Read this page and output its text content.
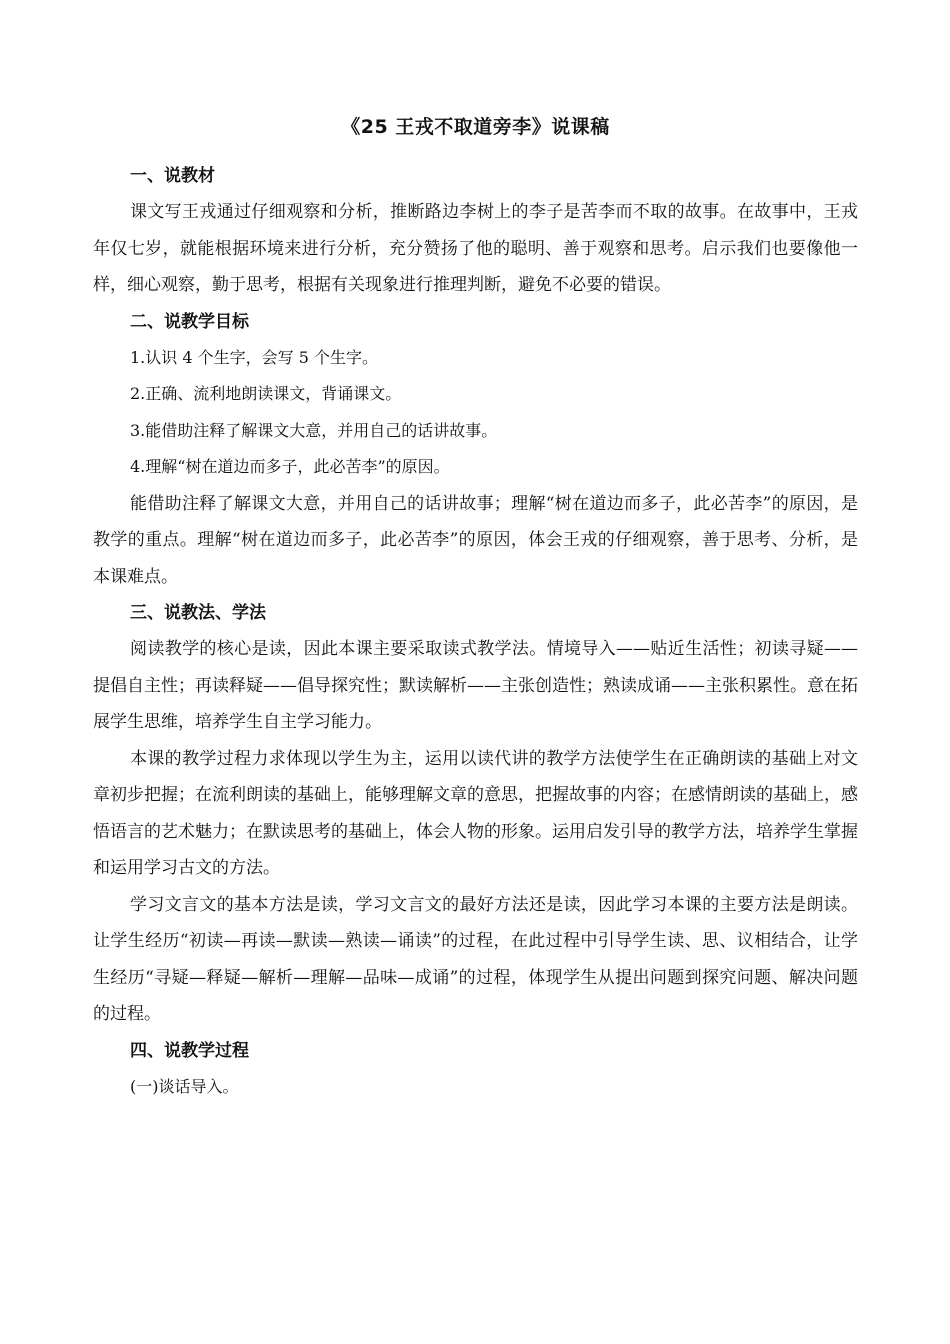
《25 王戎不取道旁李》说课稿

一、说教材

课文写王戎通过仔细观察和分析，推断路边李树上的李子是苦李而不取的故事。在故事中，王戎年仅七岁，就能根据环境来进行分析，充分赞扬了他的聪明、善于观察和思考。启示我们也要像他一样，细心观察，勤于思考，根据有关现象进行推理判断，避免不必要的错误。

二、说教学目标

1.认识 4 个生字，会写 5 个生字。

2.正确、流利地朗读课文，背诵课文。

3.能借助注释了解课文大意，并用自己的话讲故事。

4.理解“树在道边而多子，此必苦李”的原因。

能借助注释了解课文大意，并用自己的话讲故事；理解“树在道边而多子，此必苦李”的原因，是教学的重点。理解“树在道边而多子，此必苦李”的原因，体会王戎的仔细观察，善于思考、分析，是本课难点。

三、说教法、学法

阅读教学的核心是读，因此本课主要采取读式教学法。情境导入——贴近生活性；初读寻疑——提倡自主性；再读释疑——倡导探究性；默读解析——主张创造性；熟读成诵——主张积累性。意在拓展学生思维，培养学生自主学习能力。

本课的教学过程力求体现以学生为主，运用以读代讲的教学方法使学生在正确朗读的基础上对文章初步把握；在流利朗读的基础上，能够理解文章的意思，把握故事的内容；在感情朗读的基础上，感悟语言的艺术魅力；在默读思考的基础上，体会人物的形象。运用启发引导的教学方法，培养学生掌握和运用学习古文的方法。

学习文言文的基本方法是读，学习文言文的最好方法还是读，因此学习本课的主要方法是朗读。让学生经历“初读—再读—默读—熟读—诵读”的过程，在此过程中引导学生读、思、议相结合，让学生经历“寻疑—释疑—解析—理解—品味—成诵”的过程，体现学生从提出问题到探究问题、解决问题的过程。

四、说教学过程

(一)谈话导入。
